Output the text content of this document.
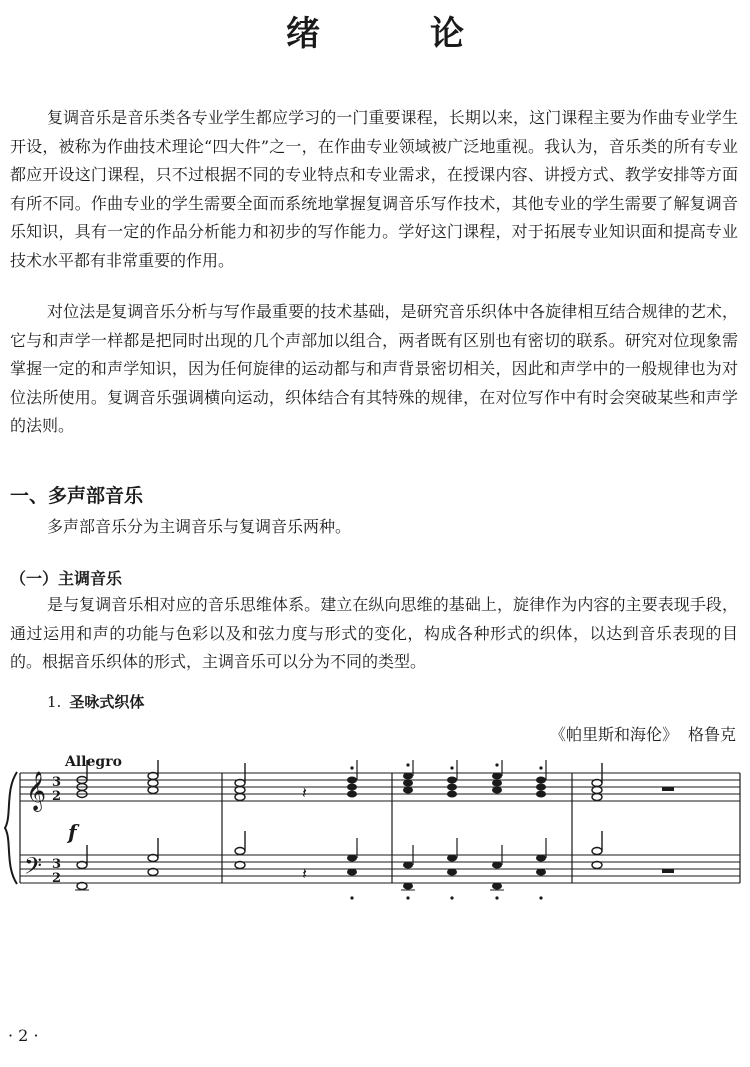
绪　论

复调音乐是音乐类各专业学生都应学习的一门重要课程，长期以来，这门课程主要为作曲专业学生开设，被称为作曲技术理论“四大件”之一，在作曲专业领域被广泛地重视。我认为，音乐类的所有专业都应开设这门课程，只不过根据不同的专业特点和专业需求，在授课内容、讲授方式、教学安排等方面有所不同。作曲专业的学生需要全面而系统地掌握复调音乐写作技术，其他专业的学生需要了解复调音乐知识，具有一定的作品分析能力和初步的写作能力。学好这门课程，对于拓展专业知识面和提高专业技术水平都有非常重要的作用。

对位法是复调音乐分析与写作最重要的技术基础，是研究音乐织体中各旋律相互结合规律的艺术，它与和声学一样都是把同时出现的几个声部加以组合，两者既有区别也有密切的联系。研究对位现象需掌握一定的和声学知识，因为任何旋律的运动都与和声背景密切相关，因此和声学中的一般规律也为对位法所使用。复调音乐强调横向运动，织体结合有其特殊的规律，在对位写作中有时会突破某些和声学的法则。

一、多声部音乐

多声部音乐分为主调音乐与复调音乐两种。

（一）主调音乐

是与复调音乐相对应的音乐思维体系。建立在纵向思维的基础上，旋律作为内容的主要表现手段，通过运用和声的功能与色彩以及和弦力度与形式的变化，构成各种形式的织体，以达到音乐表现的目的。根据音乐织体的形式，主调音乐可以分为不同的类型。

1. 圣咏式织体

《帕里斯和海伦》 格鲁克

Allegro
f
𝄞
𝄢
3
2
3
2
𝄽
𝄽
· 2 ·
